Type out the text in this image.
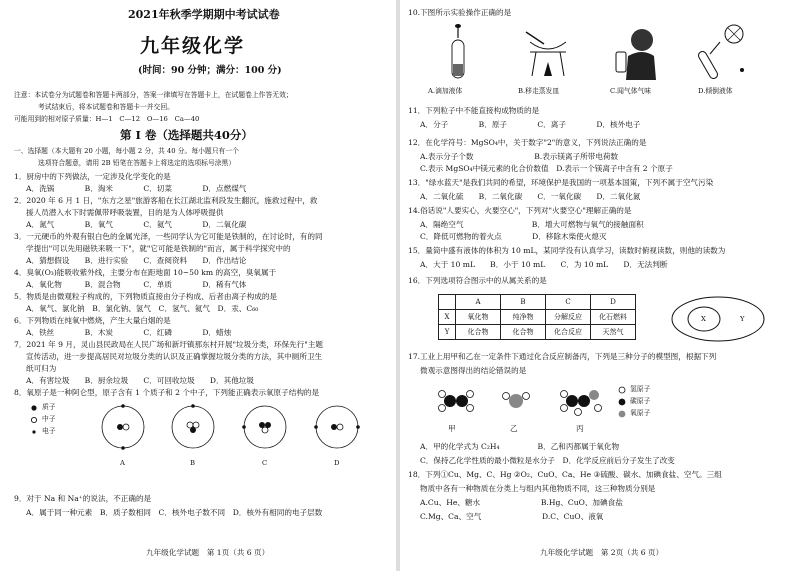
2021年秋季学期期中考试试卷
九年级化学
(时间：90 分钟；满分：100 分)
注意：本试卷分为试题卷和答题卡两部分，答案一律填写在答题卡上，在试题卷上作答无效；
考试结束后，将本试题卷和答题卡一并交回。
可能用到的相对原子质量：H—1　C—12　O—16　Ca—40
第 Ⅰ 卷（选择题共40分）
一、选择题（本大题有 20 小题，每小题 2 分，共 40 分。每小题只有一个
选项符合题意，请用 2B 铅笔在答题卡上将选定的选项标号涂黑）
1．厨房中的下列做法，一定涉及化学变化的是
A．洗锅　　　　B．淘米　　　　C．切菜　　　　D．点燃煤气
2．2020 年 6 月 1 日，"东方之星"旅游客船在长江湖北监利段发生翻沉，施救过程中，救
援人员潜入水下时需佩带呼吸装置，目的是为人体呼吸提供
A．氮气　　　　B．氧气　　　　C．氦气　　　　D．二氧化碳
3．一元硬币的外观有银白色的金属光泽，一些同学认为它可能是铁制的，在讨论时，有的同
学提出"可以先用磁铁来吸一下"，就"它可能是铁制的"而言，属于科学探究中的
A．猜想假设　　B．进行实验　　C．查阅资料　　D．作出结论
4．臭氧(O₃)能吸收紫外线，主要分布在距地面 10~50 km 的高空，臭氧属于
A．氧化物　　　B．混合物　　　C．单质　　　　D．稀有气体
5．物质是由微观粒子构成的，下列物质直接由分子构成、后者由离子构成的是
A．氧气、氯化钠　B．氯化钠、氢气　C．氢气、氦气　D．汞、C₆₀
6．下列物质在纯氧中燃烧，产生大量白烟的是
A．铁丝　　　　B．木炭　　　　C．红磷　　　　D．蜡烛
7．2021 年 9 月，灵山县民政局在人民广场和新圩镇那东村开展"垃圾分类，环保先行"主题
宣传活动，进一步提高居民对垃圾分类的认识及正确掌握垃圾分类的方法，其中厕所卫生
纸可归为
A．有害垃圾　　B．厨余垃圾　　C．可回收垃圾　　D．其他垃圾
8．氧原子是一种阿仑型，原子含有 1 个质子和 2 个中子，下列能正确表示氧原子结构的是
质子
中子
电子
A	B	C	D
9．对于 Na 和 Na⁺的说法，不正确的是
A．属于同一种元素　B．质子数相同　C．核外电子数不同　D．核外有相同的电子层数
九年级化学试题　第 1页（共 6 页）
10.下图所示实验操作正确的是
A.滴加液体	B.移走蒸发皿	C.闻气体气味	D.倾倒液体
11．下列粒子中不能直接构成物质的是
A．分子　　　　B．原子　　　　C．离子　　　　D．核外电子
12．在化学符号：MgSO₄中，关于数字"2"的意义，下列说法正确的是
A.表示分子个数　　　　　　　　B.表示镁离子所带电荷数
C.表示 MgSO₄中镁元素的化合价数值　D.表示一个镁离子中含有 2 个原子
13．"绿水蓝天"是我们共同的希望，环境保护是我国的一项基本国策，下列不属于空气污染
A．二氧化硫　　B．二氧化碳　　C．一氧化碳　　D．二氧化氮
14.俗话说"人要实心，火要空心"，下列对"火要空心"理解正确的是
A．隔绝空气　　　　　　　　　B．增大可燃物与氧气的接触面积
C．降低可燃物的着火点　　　　D．移除木柴使火熄灭
15．量筒中盛有液体的体积为 10 mL，某同学没有认真学习，读数时俯视读数，则他的读数为
A．大于 10 mL　　B．小于 10 mL　　C．为 10 mL　　D．无法判断
16．下列选项符合图示中的从属关系的是
	A	B	C	D
X	氧化物	纯净物	分解反应	化石燃料
Y	化合物	化合物	化合反应	天然气
X	Y
17.工业上用甲和乙在一定条件下通过化合反应制备丙，下列是三种分子的模型图，根据下列
微观示意图得出的结论错误的是
氢原子
碳原子
氧原子
甲	乙	丙
A．甲的化学式为 C₂H₄　　　　　B．乙和丙都属于氧化物
C．保持乙化学性质的最小微粒是水分子　D．化学反应前后分子发生了改变
18．下列①Cu、Mg、C、Hg ②O₂、CuO、Ca、He ③硫酸、碳水、加碘食盐、空气。三组
物质中各有一种物质在分类上与组内其他物质不同，这三种物质分别是
A.Cu、He、糖水　　　　　　　　B.Hg、CuO、加碘食盐
C.Mg、Ca、空气　　　　　　　　D.C、CuO、液氧
九年级化学试题　第 2页（共 6 页）
